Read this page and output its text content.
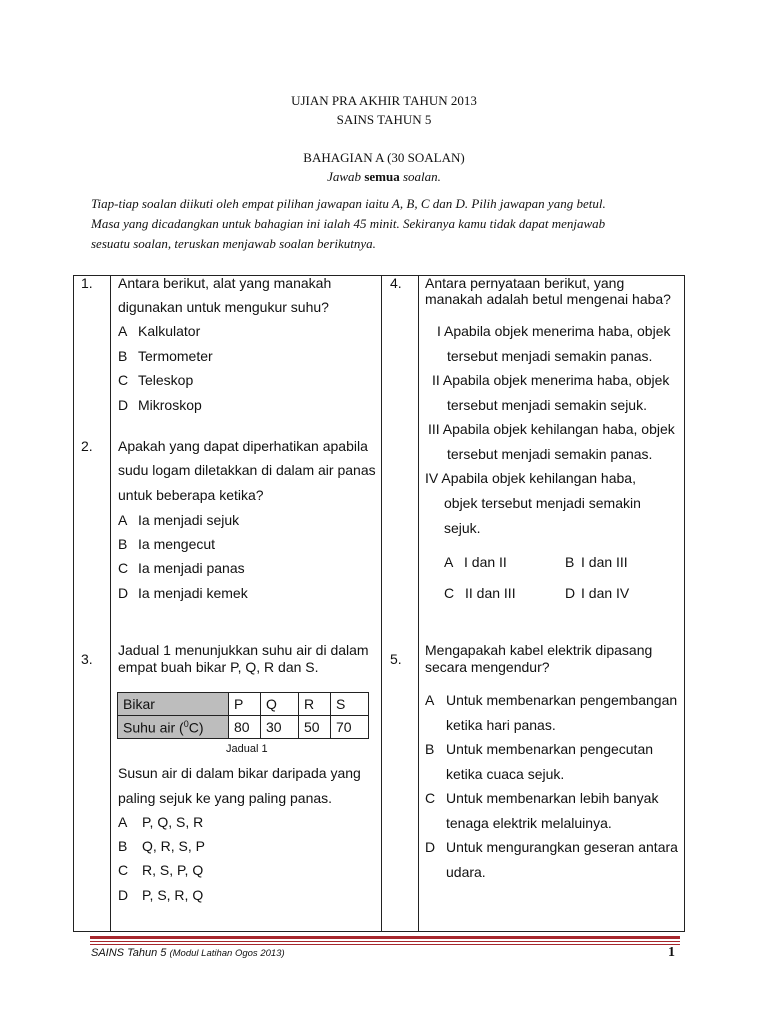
UJIAN PRA AKHIR TAHUN 2013
SAINS TAHUN 5
BAHAGIAN A (30 SOALAN)
Jawab semua soalan.
Tiap-tiap soalan diikuti oleh empat pilihan jawapan iaitu A, B, C dan D. Pilih jawapan yang betul.
Masa yang dicadangkan untuk bahagian ini ialah 45 minit. Sekiranya kamu tidak dapat menjawab
sesuatu soalan, teruskan menjawab soalan berikutnya.
1. Antara berikut, alat yang manakah
digunakan untuk mengukur suhu?
A Kalkulator
B Termometer
C Teleskop
D Mikroskop
2. Apakah yang dapat diperhatikan apabila
sudu logam diletakkan di dalam air panas
untuk beberapa ketika?
A Ia menjadi sejuk
B Ia mengecut
C Ia menjadi panas
D Ia menjadi kemek
3.
Jadual 1 menunjukkan suhu air di dalam
empat buah bikar P, Q, R dan S.
Bikar	P	Q	R	S
Suhu air ($^0$C)	80	30	50	70
Jadual 1
Susun air di dalam bikar daripada yang
paling sejuk ke yang paling panas.
A P, Q, S, R
B Q, R, S, P
C R, S, P, Q
D P, S, R, Q
4. Antara pernyataan berikut, yang
manakah adalah betul mengenai haba?
I Apabila objek menerima haba, objek
tersebut menjadi semakin panas.
II Apabila objek menerima haba, objek
tersebut menjadi semakin sejuk.
III Apabila objek kehilangan haba, objek
tersebut menjadi semakin panas.
IV Apabila objek kehilangan haba,
objek tersebut menjadi semakin
sejuk.
A I dan II	B I dan III
C II dan III	D I dan IV
5.
Mengapakah kabel elektrik dipasang
secara mengendur?
A Untuk membenarkan pengembangan
ketika hari panas.
B Untuk membenarkan pengecutan
ketika cuaca sejuk.
C Untuk membenarkan lebih banyak
tenaga elektrik melaluinya.
D Untuk mengurangkan geseran antara
udara.
SAINS Tahun 5 (Modul Latihan Ogos 2013)	1
